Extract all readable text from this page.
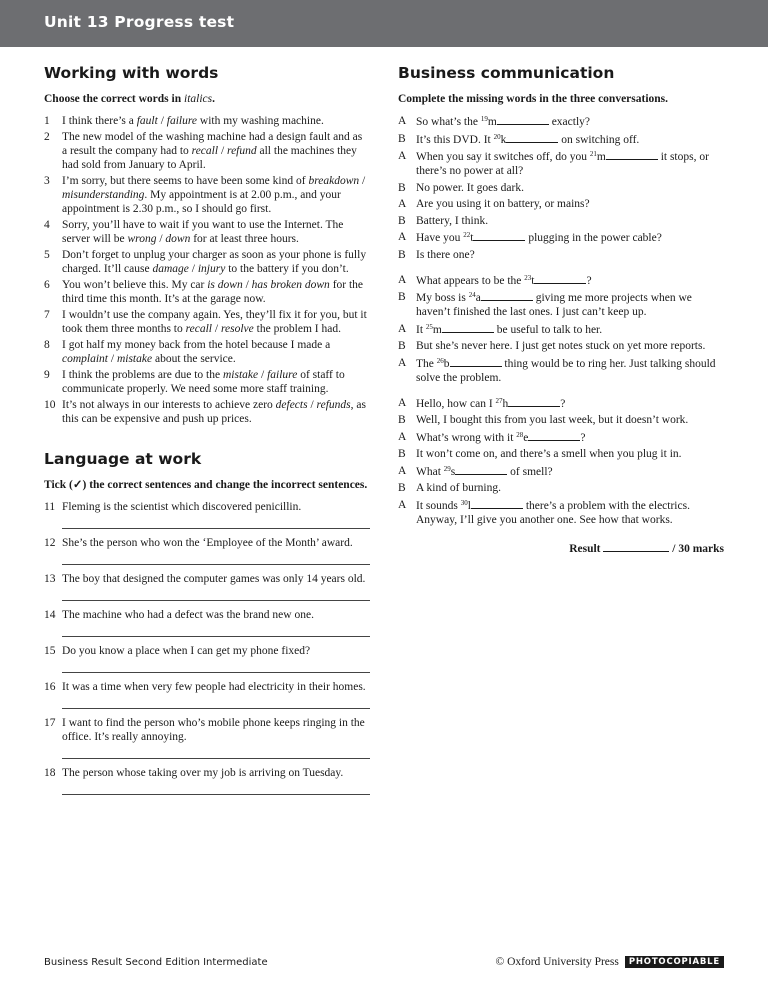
Unit 13 Progress test
Working with words
Choose the correct words in italics.
1	I think there’s a fault / failure with my washing machine.
2	The new model of the washing machine had a design fault and as a result the company had to recall / refund all the machines they had sold from January to April.
3	I’m sorry, but there seems to have been some kind of breakdown / misunderstanding. My appointment is at 2.00 p.m., and your appointment is 2.30 p.m., so I should go first.
4	Sorry, you’ll have to wait if you want to use the Internet. The server will be wrong / down for at least three hours.
5	Don’t forget to unplug your charger as soon as your phone is fully charged. It’ll cause damage / injury to the battery if you don’t.
6	You won’t believe this. My car is down / has broken down for the third time this month. It’s at the garage now.
7	I wouldn’t use the company again. Yes, they’ll fix it for you, but it took them three months to recall / resolve the problem I had.
8	I got half my money back from the hotel because I made a complaint / mistake about the service.
9	I think the problems are due to the mistake / failure of staff to communicate properly. We need some more staff training.
10 It’s not always in our interests to achieve zero defects / refunds, as this can be expensive and push up prices.
Language at work
Tick (✓) the correct sentences and change the incorrect sentences.
11 Fleming is the scientist which discovered penicillin.
12 She’s the person who won the ‘Employee of the Month’ award.
13 The boy that designed the computer games was only 14 years old.
14 The machine who had a defect was the brand new one.
15 Do you know a place when I can get my phone fixed?
16 It was a time when very few people had electricity in their homes.
17 I want to find the person who’s mobile phone keeps ringing in the office. It’s really annoying.
18 The person whose taking over my job is arriving on Tuesday.
Business communication
Complete the missing words in the three conversations.
A So what’s the $^{19}$m	exactly?
B It’s this DVD. It $^{20}$k	on switching off.
A When you say it switches off, do you $^{21}$m	it stops, or there’s no power at all?
B No power. It goes dark.
A Are you using it on battery, or mains?
B Battery, I think.
A Have you $^{22}$t	plugging in the power cable?
B Is there one?
A What appears to be the $^{23}$t	?
B My boss is $^{24}$a	giving me more projects when we haven’t finished the last ones. I just can’t keep up.
A It $^{25}$m	be useful to talk to her.
B But she’s never here. I just get notes stuck on yet more reports.
A The $^{26}$b	thing would be to ring her. Just talking should solve the problem.
A Hello, how can I $^{27}$h	?
B Well, I bought this from you last week, but it doesn’t work.
A What’s wrong with it $^{28}$e	?
B It won’t come on, and there’s a smell when you plug it in.
A What $^{29}$s	of smell?
B A kind of burning.
A It sounds $^{30}$l	there’s a problem with the electrics. Anyway, I’ll give you another one. See how that works.
Result	/ 30 marks
Business Result Second Edition Intermediate	© Oxford University Press	PHOTOCOPIABLE
